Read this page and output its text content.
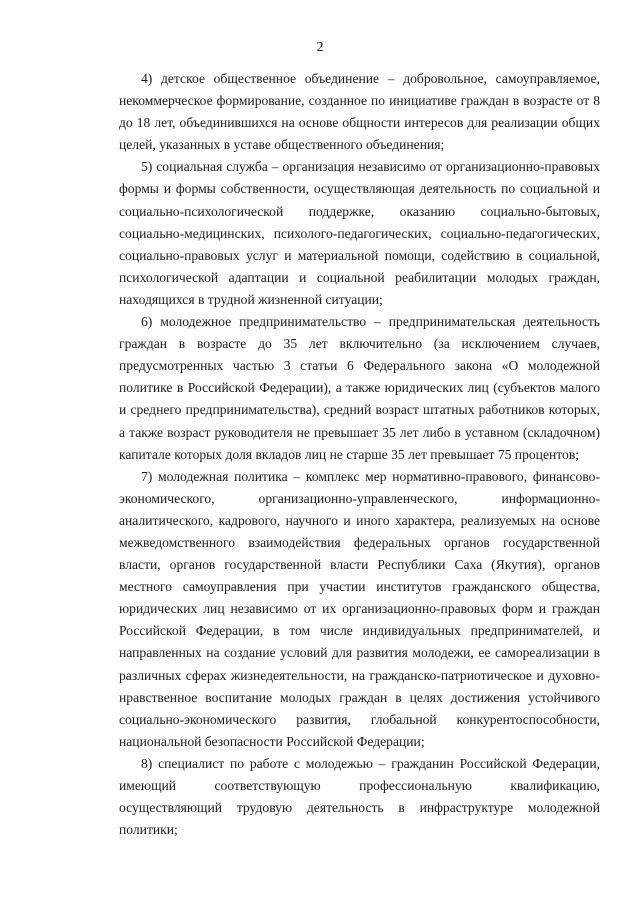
2

4) детское общественное объединение – добровольное, самоуправляемое, некоммерческое формирование, созданное по инициативе граждан в возрасте от 8 до 18 лет, объединившихся на основе общности интересов для реализации общих целей, указанных в уставе общественного объединения;

5) социальная служба – организация независимо от организационно-правовых формы и формы собственности, осуществляющая деятельность по социальной и социально-психологической поддержке, оказанию социально-бытовых, социально-медицинских, психолого-педагогических, социально-педагогических, социально-правовых услуг и материальной помощи, содействию в социальной, психологической адаптации и социальной реабилитации молодых граждан, находящихся в трудной жизненной ситуации;

6) молодежное предпринимательство – предпринимательская деятельность граждан в возрасте до 35 лет включительно (за исключением случаев, предусмотренных частью 3 статьи 6 Федерального закона «О молодежной политике в Российской Федерации), а также юридических лиц (субъектов малого и среднего предпринимательства), средний возраст штатных работников которых, а также возраст руководителя не превышает 35 лет либо в уставном (складочном) капитале которых доля вкладов лиц не старше 35 лет превышает 75 процентов;

7) молодежная политика – комплекс мер нормативно-правового, финансово-экономического, организационно-управленческого, информационно-аналитического, кадрового, научного и иного характера, реализуемых на основе межведомственного взаимодействия федеральных органов государственной власти, органов государственной власти Республики Саха (Якутия), органов местного самоуправления при участии институтов гражданского общества, юридических лиц независимо от их организационно-правовых форм и граждан Российской Федерации, в том числе индивидуальных предпринимателей, и направленных на создание условий для развития молодежи, ее самореализации в различных сферах жизнедеятельности, на гражданско-патриотическое и духовно-нравственное воспитание молодых граждан в целях достижения устойчивого социально-экономического развития, глобальной конкурентоспособности, национальной безопасности Российской Федерации;

8) специалист по работе с молодежью – гражданин Российской Федерации, имеющий соответствующую профессиональную квалификацию, осуществляющий трудовую деятельность в инфраструктуре молодежной политики;
